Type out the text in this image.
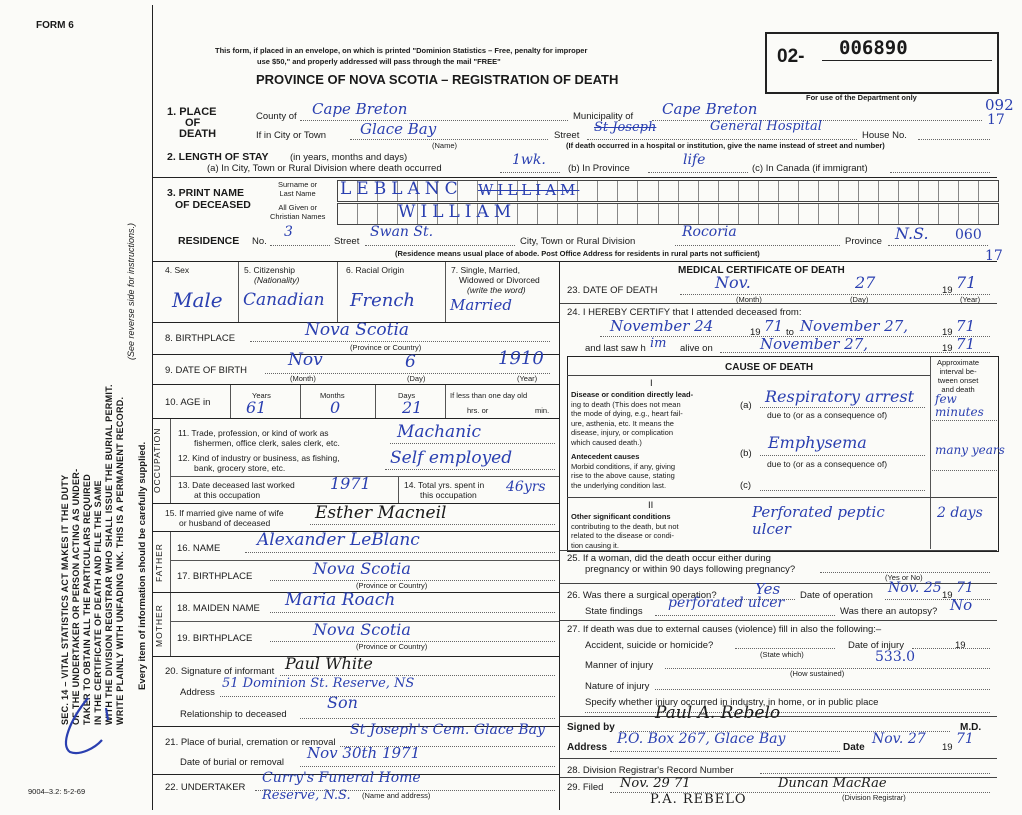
FORM 6
SEC. 14 – VITAL STATISTICS ACT MAKES IT THE DUTY OF THE UNDERTAKER OR PERSON ACTING AS UNDER- TAKER TO OBTAIN ALL THE PARTICULARS REQUIRED IN THE CERTIFICATE OF DEATH AND FILE THE SAME WITH THE DIVISION REGISTRAR WHO SHALL ISSUE THE BURIAL PERMIT. WRITE PLAINLY WITH UNFADING INK. THIS IS A PERMANENT RECORD.
(See reverse side for instructions.)
Every item of information should be carefully supplied.
9004–3.2: 5-2-69
This form, if placed in an envelope, on which is printed "Dominion Statistics – Free, penalty for improper
use $50," and properly addressed will pass through the mail "FREE"
PROVINCE OF NOVA SCOTIA – REGISTRATION OF DEATH
02- 006890
For use of the Department only	092
17
1. PLACE
OF
DEATH
County of Cape Breton	Municipality of Cape Breton
If in City or Town Glace Bay
(Name)
Street
St Joseph	General Hospital
House No.
(If death occurred in a hospital or institution, give the name instead of street and number)
2. LENGTH OF STAY (in years, months and days)
(a) In City, Town or Rural Division where death occurred
1wk.
(b) In Province
life
(c) In Canada (if immigrant)
3. PRINT NAME
OF DECEASED
Surname or
Last Name
All Given or
Christian Names
LEBLANC WILLIAM
WILLIAM
RESIDENCE No.
3
Street
Swan St.
City, Town or Rural Division
Rocoria
Province N.S. 060
17
(Residence means usual place of abode. Post Office Address for residents in rural parts not sufficient)
4. Sex	5. Citizenship
(Nationality)
6. Racial Origin	7. Single, Married,
Widowed or Divorced
(write the word)
Male Canadian French Married
8. BIRTHPLACE	Nova Scotia
(Province or Country)
9. DATE OF BIRTH
Nov	6	1910
(Month)	(Day)	(Year)
10. AGE in
Years	Months	Days
61	0	21
If less than one day old
hrs. or	min.
OCCUPATION 11. Trade, profession, or kind of work as
fishermen, office clerk, sales clerk, etc.
Machanic
12. Kind of industry or business, as fishing,
bank, grocery store, etc.	Self employed
13. Date deceased last worked
at this occupation
1971	14. Total yrs. spent in
this occupation	46yrs
15. If married give name of wife
or husband of deceased	Esther Macneil
FATHER 16. NAME Alexander LeBlanc
17. BIRTHPLACE	Nova Scotia
(Province or Country)
MOTHER 18. MAIDEN NAME Maria Roach
19. BIRTHPLACE	Nova Scotia
(Province or Country)
20. Signature of informant Paul White
Address
51 Dominion St. Reserve, NS
Relationship to deceased
Son
21. Place of burial, cremation or removal
St Joseph's Cem. Glace Bay
Date of burial or removal
Nov 30th 1971
22. UNDERTAKER
Curry's Funeral Home
Reserve, N.S. (Name and address)
MEDICAL CERTIFICATE OF DEATH
23. DATE OF DEATH	Nov.	27	19 71
(Month)	(Day)	(Year)
24. I HEREBY CERTIFY that I attended deceased from:
November 24	19 71 to November 27,	19 71
and last saw h im alive on	November 27,	19 71
CAUSE OF DEATH	Approximate
interval be-
tween onset
and death
I
Disease or condition directly lead-
ing to death (This does not mean
the mode of dying, e.g., heart fail-
ure, asthenia, etc. It means the
disease, injury, or complication
which caused death.)
(a) Respiratory arrest
due to (or as a consequence of)
few minutes
Antecedent causes
Morbid conditions, if any, giving
rise to the above cause, stating
the underlying condition last.
(b)
Emphysema
due to (or as a consequence of)
many years
(c)
II
Other significant conditions
contributing to the death, but not
related to the disease or condi-
tion causing it.
Perforated peptic ulcer
2 days
25. If a woman, did the death occur either during
pregnancy or within 90 days following pregnancy?
(Yes or No)
26. Was there a surgical operation?	Yes Date of operation Nov. 25 19 71
State findings
perforated ulcer
Was there an autopsy? No
27. If death was due to external causes (violence) fill in also the following:–
Accident, suicide or homicide?	Date of injury	19
(State which)
Manner of injury
533.0
(How sustained)
Nature of injury
Specify whether injury occurred in industry, in home, or in public place
Signed by
Paul A. Rebelo
M.D.
Address
P.O. Box 267, Glace Bay
Date
Nov. 27
19
71
28. Division Registrar's Record Number
29. Filed Nov. 29 71	Duncan MacRae
(Division Registrar)
P.A. REBELO
